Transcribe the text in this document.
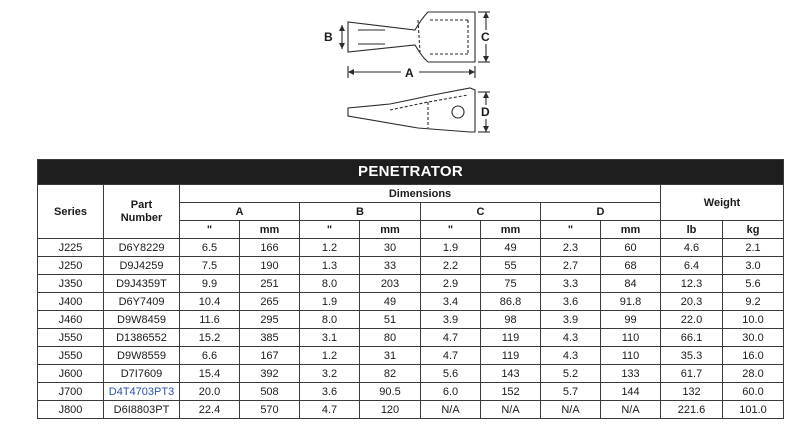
B	C
A
D
PENETRATOR											
Series	Part Number	Dimensions								Weight	
		A		B		C		D			
		"	mm	"	mm	"	mm	"	mm	lb	kg
J225	D6Y8229	6.5	166	1.2	30	1.9	49	2.3	60	4.6	2.1
J250	D9J4259	7.5	190	1.3	33	2.2	55	2.7	68	6.4	3.0
J350	D9J4359T	9.9	251	8.0	203	2.9	75	3.3	84	12.3	5.6
J400	D6Y7409	10.4	265	1.9	49	3.4	86.8	3.6	91.8	20.3	9.2
J460	D9W8459	11.6	295	8.0	51	3.9	98	3.9	99	22.0	10.0
J550	D1386552	15.2	385	3.1	80	4.7	119	4.3	110	66.1	30.0
J550	D9W8559	6.6	167	1.2	31	4.7	119	4.3	110	35.3	16.0
J600	D7I7609	15.4	392	3.2	82	5.6	143	5.2	133	61.7	28.0
J700	D4T4703PT3	20.0	508	3.6	90.5	6.0	152	5.7	144	132	60.0
J800	D6I8803PT	22.4	570	4.7	120	N/A	N/A	N/A	N/A	221.6	101.0
